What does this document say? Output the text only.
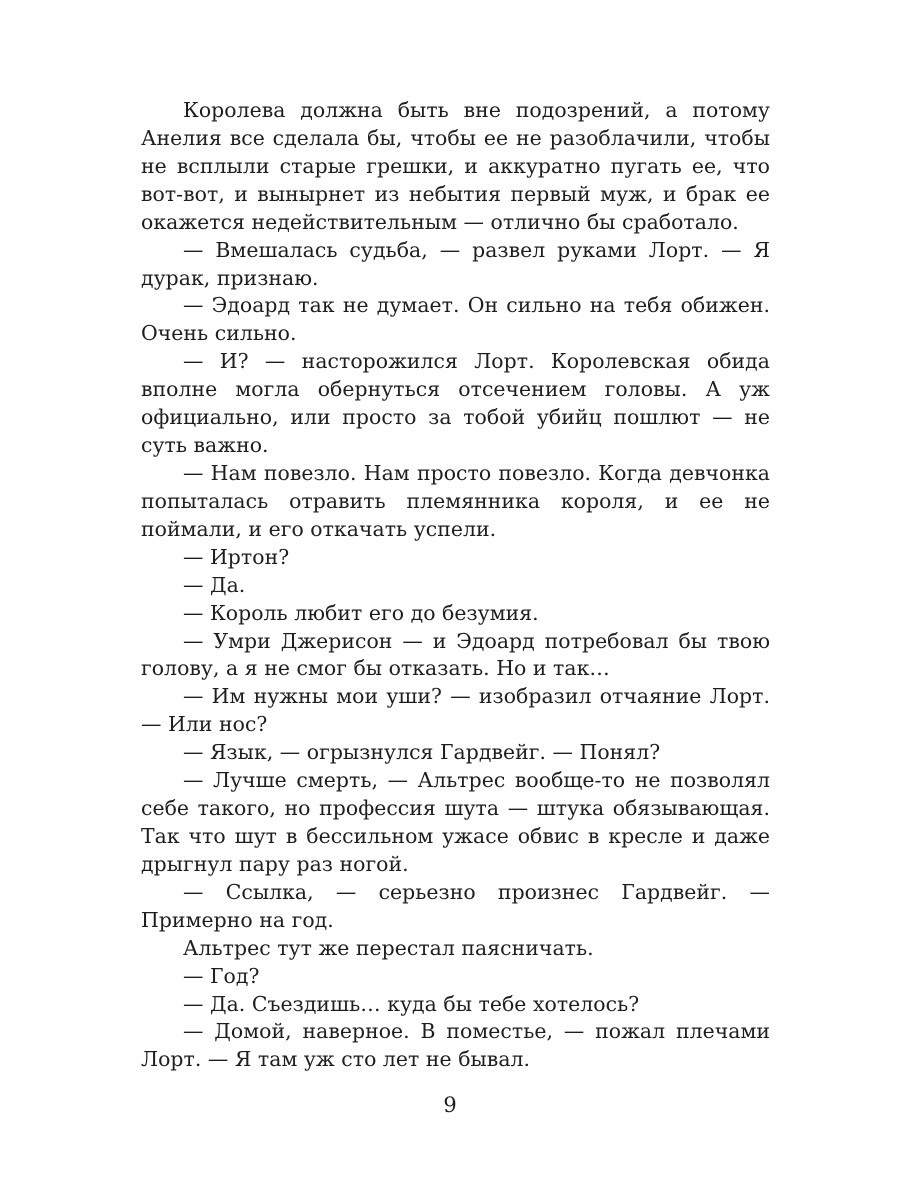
Королева должна быть вне подозрений, а потому Анелия все сделала бы, чтобы ее не разоблачили, чтобы не всплыли старые грешки, и аккуратно пугать ее, что вот-вот, и вынырнет из небытия первый муж, и брак ее окажется недействительным — отлично бы сработало.

— Вмешалась судьба, — развел руками Лорт. — Я дурак, признаю.

— Эдоард так не думает. Он сильно на тебя обижен. Очень сильно.

— И? — насторожился Лорт. Королевская обида вполне могла обернуться отсечением головы. А уж официально, или просто за тобой убийц пошлют — не суть важно.

— Нам повезло. Нам просто повезло. Когда девчонка попыталась отравить племянника короля, и ее не поймали, и его откачать успели.

— Иртон?

— Да.

— Король любит его до безумия.

— Умри Джерисон — и Эдоард потребовал бы твою голову, а я не смог бы отказать. Но и так…

— Им нужны мои уши? — изобразил отчаяние Лорт. — Или нос?

— Язык, — огрызнулся Гардвейг. — Понял?

— Лучше смерть, — Альтрес вообще-то не позволял себе такого, но профессия шута — штука обязывающая. Так что шут в бессильном ужасе обвис в кресле и даже дрыгнул пару раз ногой.

— Ссылка, — серьезно произнес Гардвейг. — Примерно на год.

Альтрес тут же перестал паясничать.

— Год?

— Да. Съездишь… куда бы тебе хотелось?

— Домой, наверное. В поместье, — пожал плечами Лорт. — Я там уж сто лет не бывал.

9
